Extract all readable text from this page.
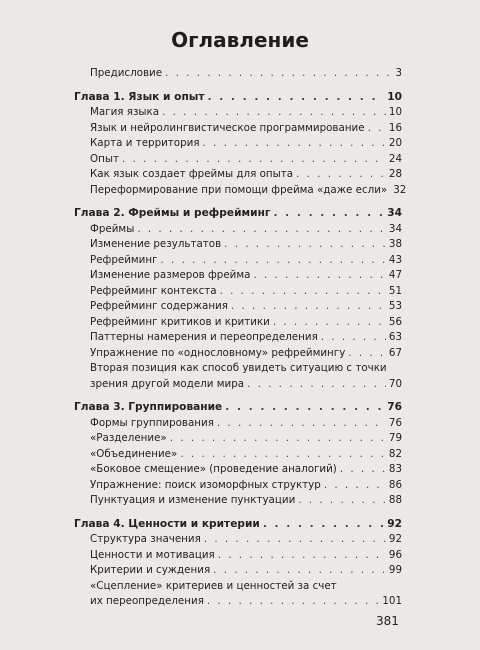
Оглавление
Предисловие . . .	3
Глава 1. Язык и опыт . . .	10
Магия языка . . .	10
Язык и нейролингвистическое программирование . . . 16
Карта и территория . . .	20
Опыт . . .	24
Как язык создает фреймы для опыта . . .	28
Переформирование при помощи фрейма «даже если» 32
Глава 2. Фреймы и рефрейминг . . .	34
Фреймы . . .	34
Изменение результатов . . .	38
Рефрейминг . . .	43
Изменение размеров фрейма . . .	47
Рефрейминг контекста . . .	51
Рефрейминг содержания . . .	53
Рефрейминг критиков и критики . . .	56
Паттерны намерения и переопределения . . .	63
Упражнение по «однословному» рефреймингу . . .	67
Вторая позиция как способ увидеть ситуацию с точки
зрения другой модели мира . . .	70
Глава 3. Группирование . . .	76
Формы группирования . . .	76
«Разделение» . . .	79
«Объединение» . . .	82
«Боковое смещение» (проведение аналогий) . . .	83
Упражнение: поиск изоморфных структур . . .	86
Пунктуация и изменение пунктуации . . .	88
Глава 4. Ценности и критерии . . .	92
Структура значения . . .	92
Ценности и мотивация . . .	96
Критерии и суждения . . .	99
«Сцепление» критериев и ценностей за счет
их переопределения . . .	101
381
